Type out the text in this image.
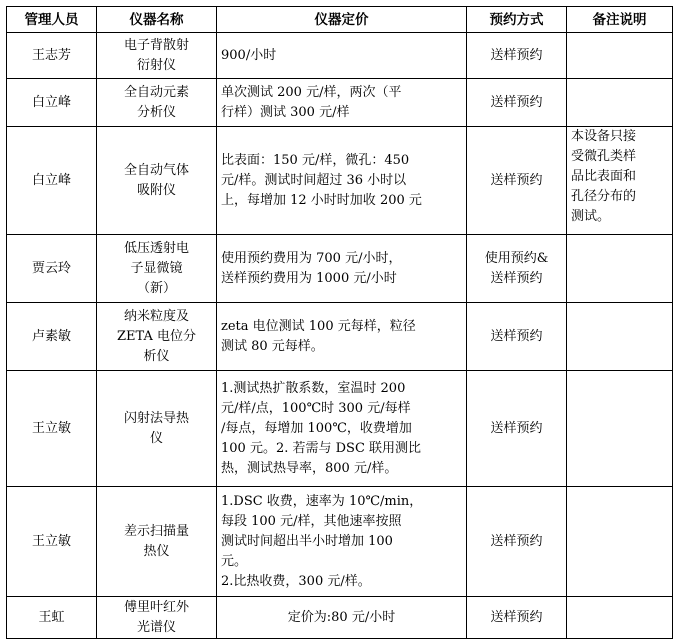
管理人员	仪器名称	仪器定价	预约方式	备注说明
王志芳	电子背散射
衍射仪	900/小时	送样预约	

白立峰	全自动元素
分析仪	单次测试 200 元/样，两次（平
行样）测试 300 元/样	送样预约	

白立峰	全自动气体
吸附仪	比表面：150 元/样，微孔：450
元/样。测试时间超过 36 小时以
上，每增加 12 小时时加收 200 元	送样预约	本设备只接
受微孔类样
品比表面和
孔径分布的
测试。

贾云玲	低压透射电
子显微镜
（新）	使用预约费用为 700 元/小时，
送样预约费用为 1000 元/小时	使用预约&
送样预约	

卢素敏	纳米粒度及
ZETA 电位分
析仪	zeta 电位测试 100 元每样，粒径
测试 80 元每样。	送样预约	

王立敏	闪射法导热
仪	1.测试热扩散系数，室温时 200
元/样/点，100℃时 300 元/每样
/每点，每增加 100℃，收费增加
100 元。2. 若需与 DSC 联用测比
热，测试热导率，800 元/样。	送样预约	

王立敏	差示扫描量
热仪	1.DSC 收费，速率为 10℃/min，
每段 100 元/样，其他速率按照
测试时间超出半小时增加 100
元。
2.比热收费，300 元/样。	送样预约	

王虹	傅里叶红外
光谱仪	定价为:80 元/小时	送样预约	
